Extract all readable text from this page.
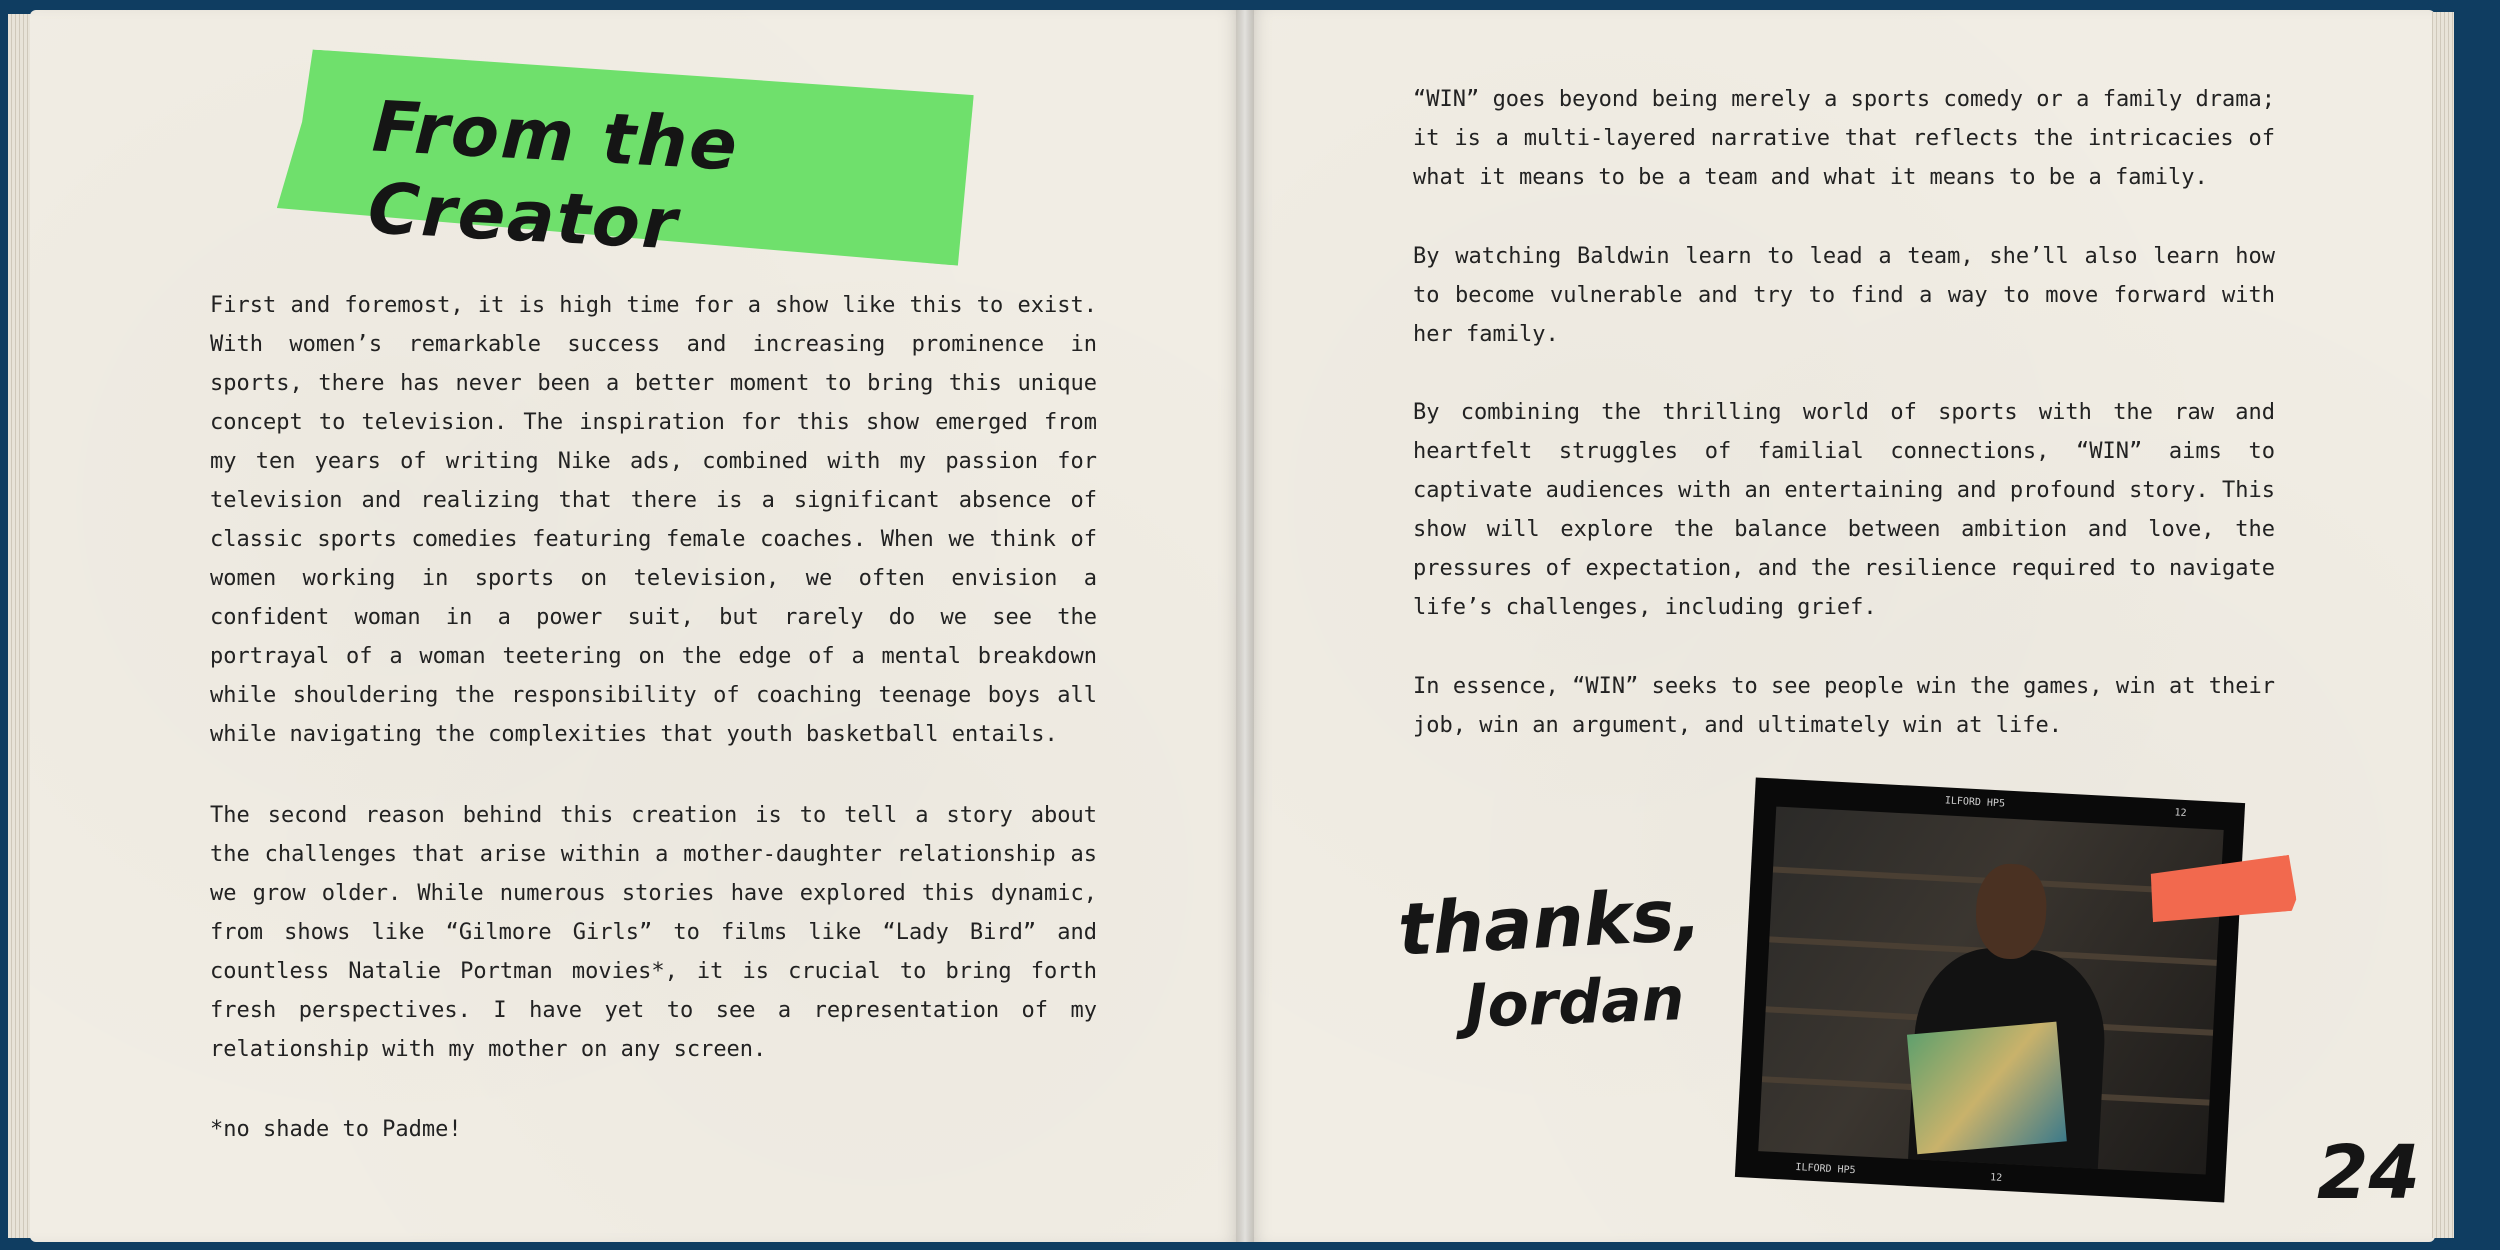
From the Creator

First and foremost, it is high time for a show like this to exist. With women’s remarkable success and increasing prominence in sports, there has never been a better moment to bring this unique concept to television. The inspiration for this show emerged from my ten years of writing Nike ads, combined with my passion for television and realizing that there is a significant absence of classic sports comedies featuring female coaches. When we think of women working in sports on television, we often envision a confident woman in a power suit, but rarely do we see the portrayal of a woman teetering on the edge of a mental breakdown while shouldering the responsibility of coaching teenage boys all while navigating the complexities that youth basketball entails.

The second reason behind this creation is to tell a story about the challenges that arise within a mother-daughter relationship as we grow older. While numerous stories have explored this dynamic, from shows like “Gilmore Girls” to films like “Lady Bird” and countless Natalie Portman movies*, it is crucial to bring forth fresh perspectives. I have yet to see a representation of my relationship with my mother on any screen.

*no shade to Padme!

“WIN” goes beyond being merely a sports comedy or a family drama; it is a multi-layered narrative that reflects the intricacies of what it means to be a team and what it means to be a family.

By watching Baldwin learn to lead a team, she’ll also learn how to become vulnerable and try to find a way to move forward with her family.

By combining the thrilling world of sports with the raw and heartfelt struggles of familial connections, “WIN” aims to captivate audiences with an entertaining and profound story. This show will explore the balance between ambition and love, the pressures of expectation, and the resilience required to navigate life’s challenges, including grief.

In essence, “WIN” seeks to see people win the games, win at their job, win an argument, and ultimately win at life.

thanks,
Jordan
ILFORD HP5
12
ILFORD HP5
12	24
